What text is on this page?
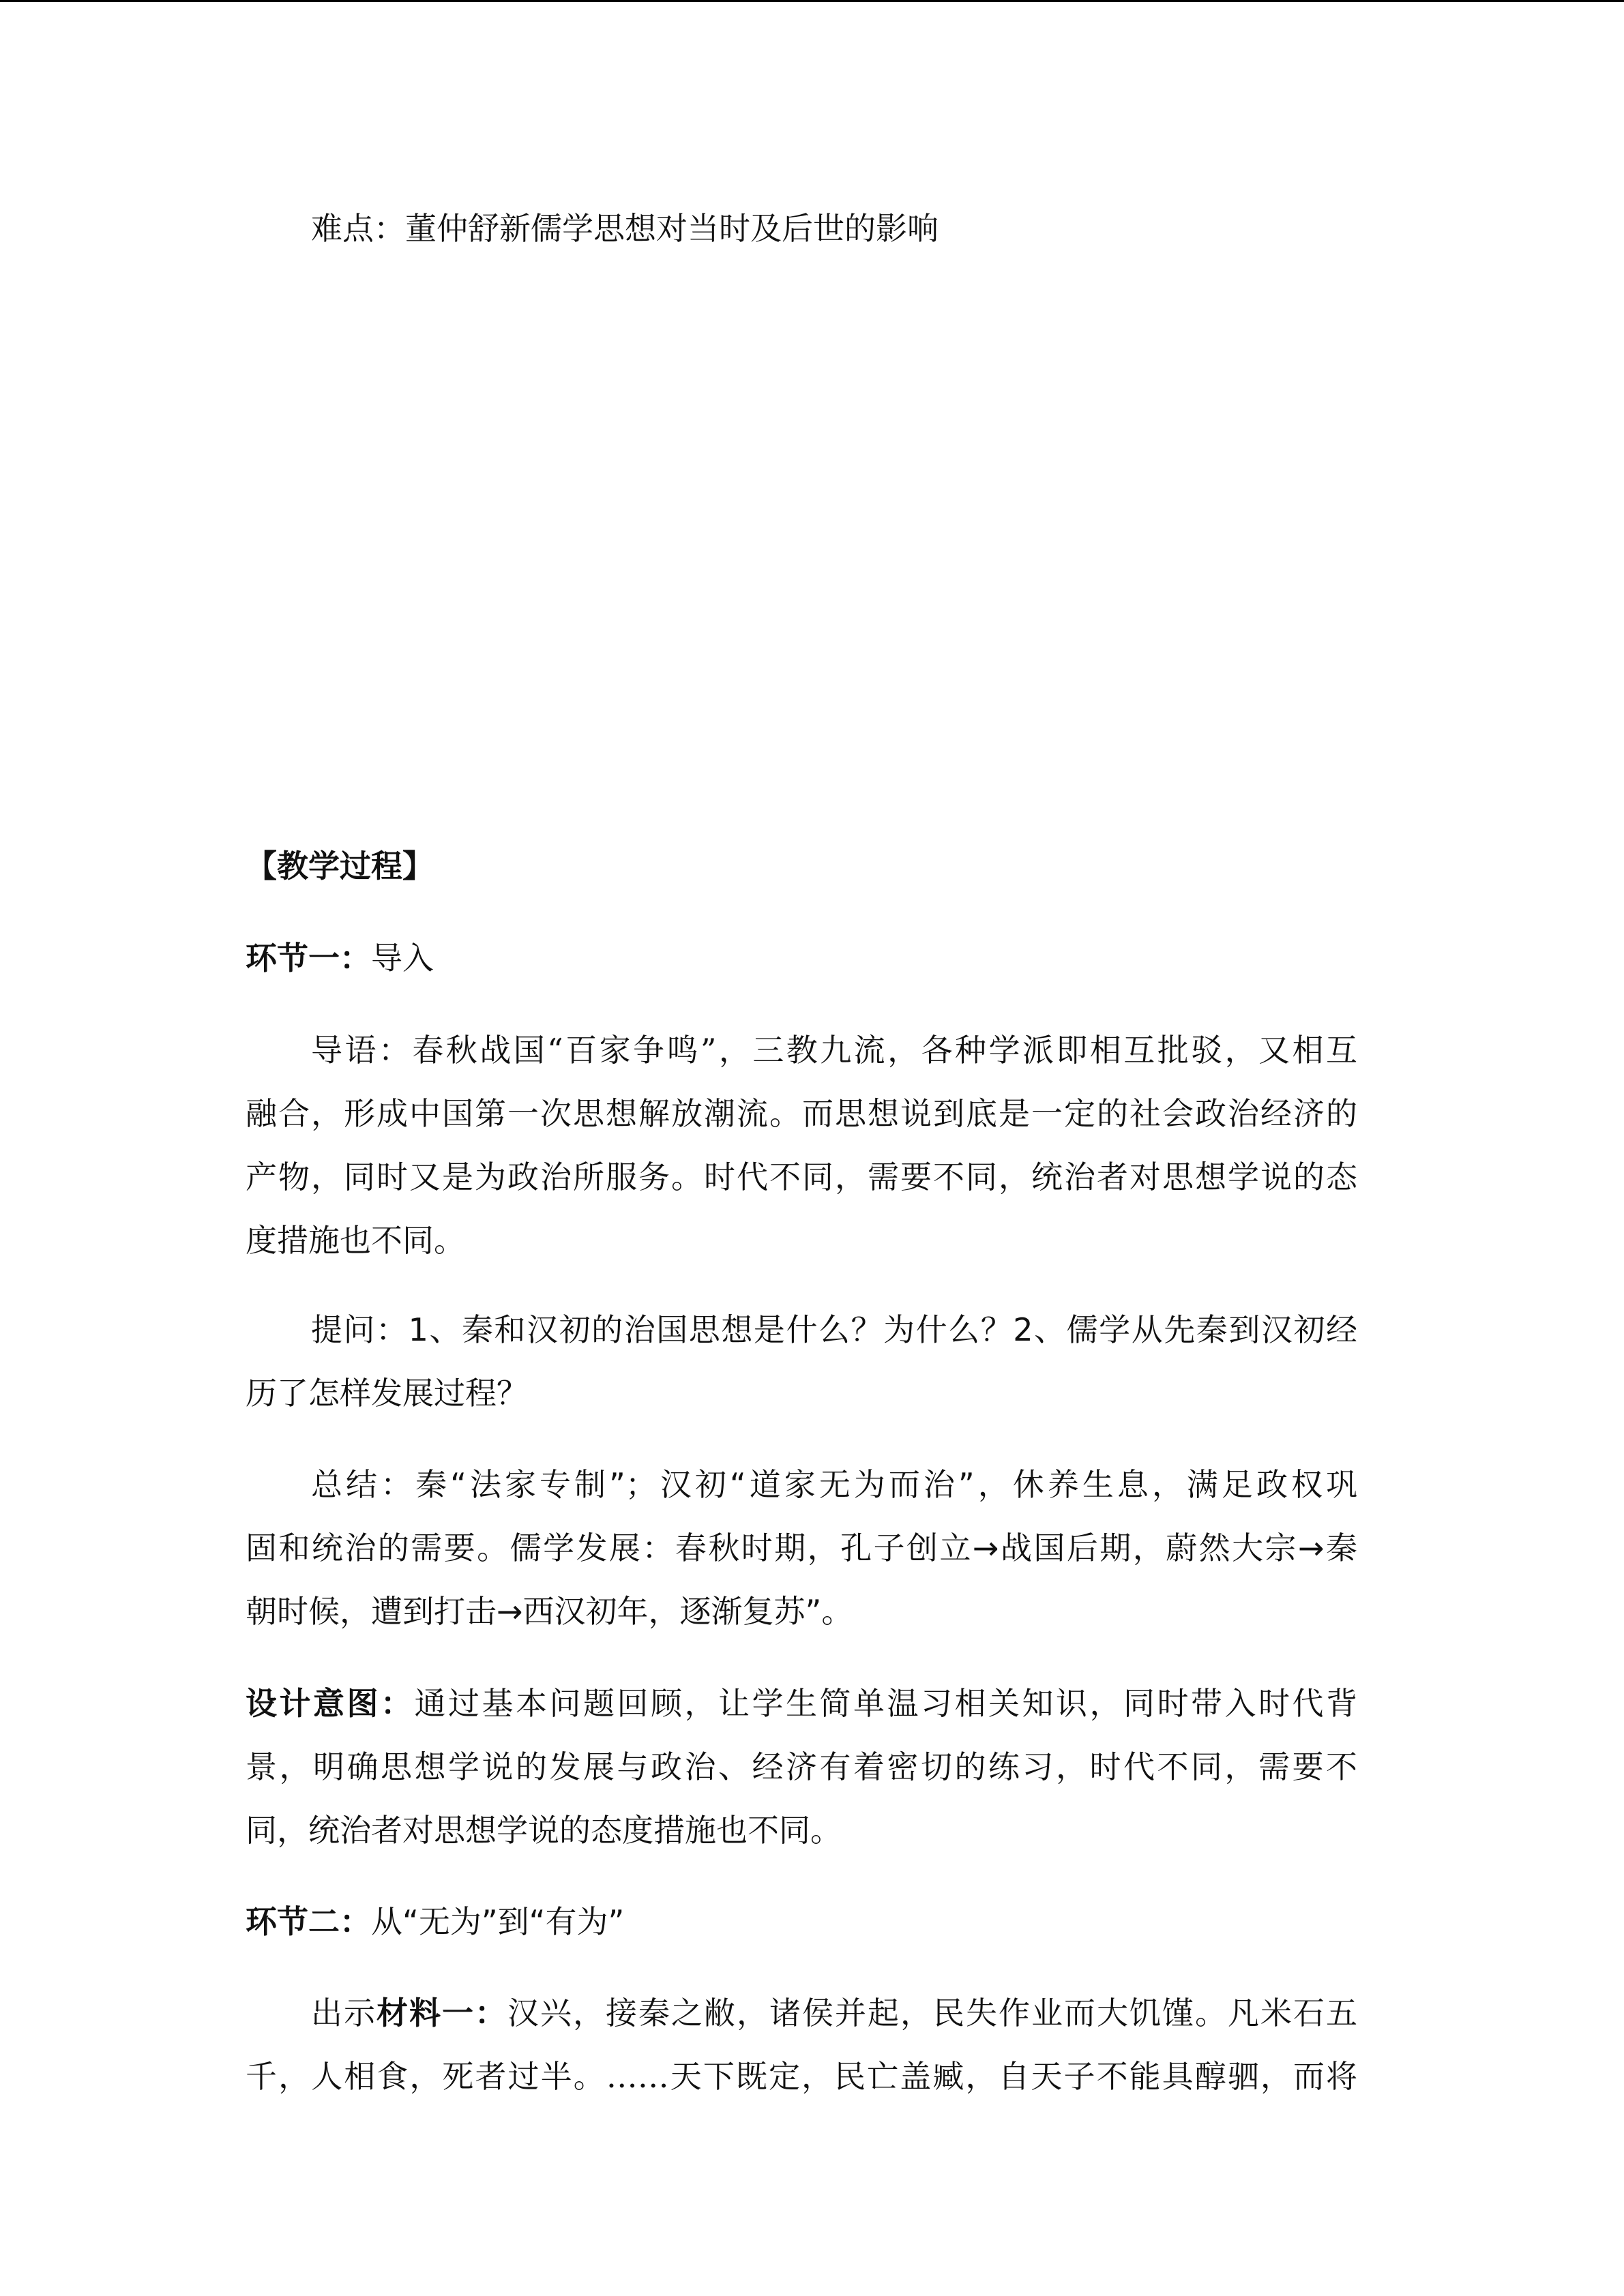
难点：董仲舒新儒学思想对当时及后世的影响
【教学过程】
环节一：导入
导语：春秋战国“百家争鸣”，三教九流，各种学派即相互批驳，又相互
融合，形成中国第一次思想解放潮流。而思想说到底是一定的社会政治经济的
产物，同时又是为政治所服务。时代不同，需要不同，统治者对思想学说的态
度措施也不同。
提问：1、秦和汉初的治国思想是什么？为什么？2、儒学从先秦到汉初经
历了怎样发展过程？
总结：秦“法家专制”；汉初“道家无为而治”，休养生息，满足政权巩
固和统治的需要。儒学发展：春秋时期，孔子创立→战国后期，蔚然大宗→秦
朝时候，遭到打击→西汉初年，逐渐复苏”。
设计意图：通过基本问题回顾，让学生简单温习相关知识，同时带入时代背
景，明确思想学说的发展与政治、经济有着密切的练习，时代不同，需要不
同，统治者对思想学说的态度措施也不同。
环节二：从“无为”到“有为”
出示材料一：汉兴，接秦之敝，诸侯并起，民失作业而大饥馑。凡米石五
千，人相食，死者过半。……天下既定，民亡盖臧，自天子不能具醇驷，而将
